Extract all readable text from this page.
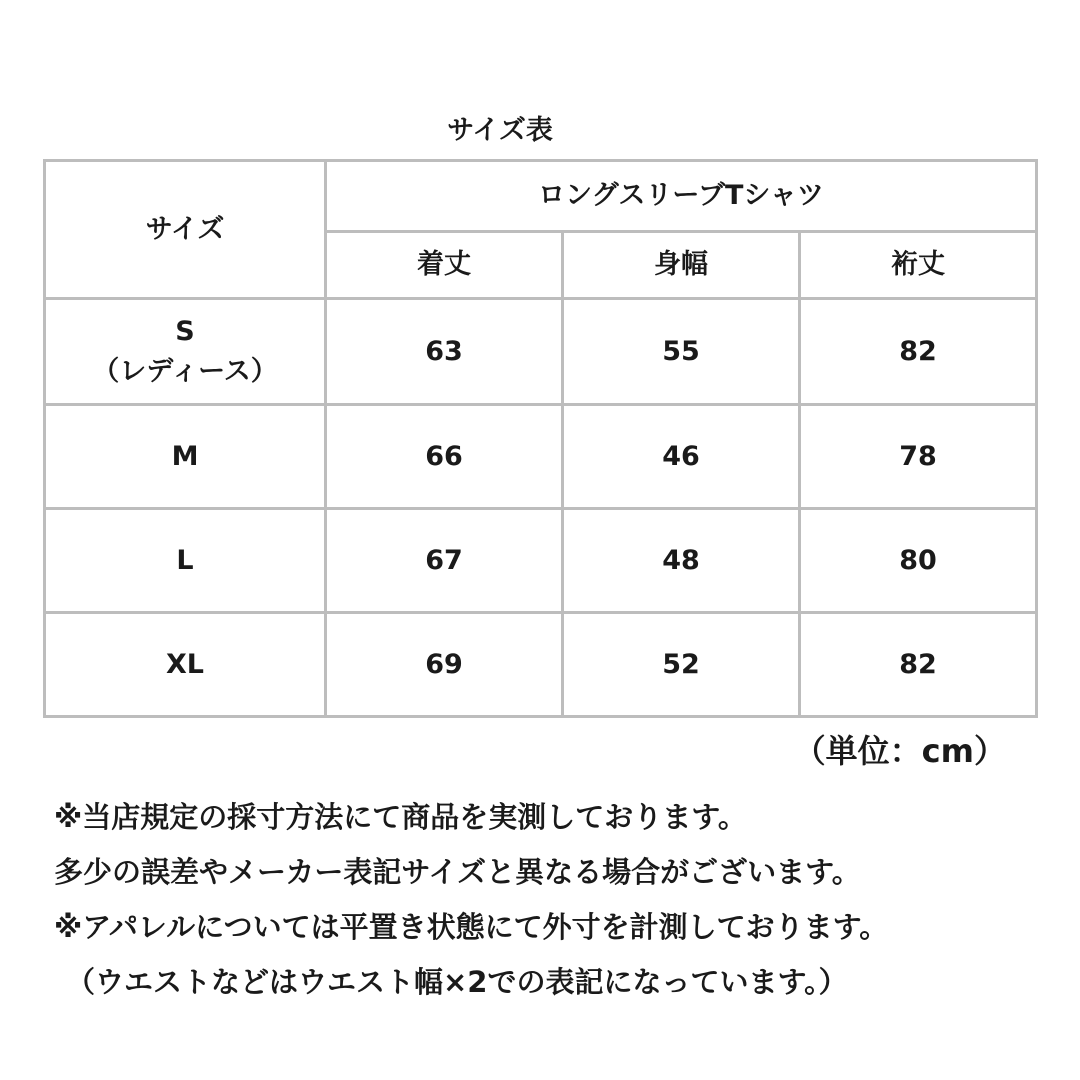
サイズ表
サイズ	ロングスリーブTシャツ		
	着丈	身幅	裄丈

S
（レディース）	63	55	82
M	66	46	78
L	67	48	80
XL	69	52	82
（単位：cm）
※当店規定の採寸方法にて商品を実測しております。
多少の誤差やメーカー表記サイズと異なる場合がございます。
※アパレルについては平置き状態にて外寸を計測しております。
（ウエストなどはウエスト幅×2での表記になっています。）
